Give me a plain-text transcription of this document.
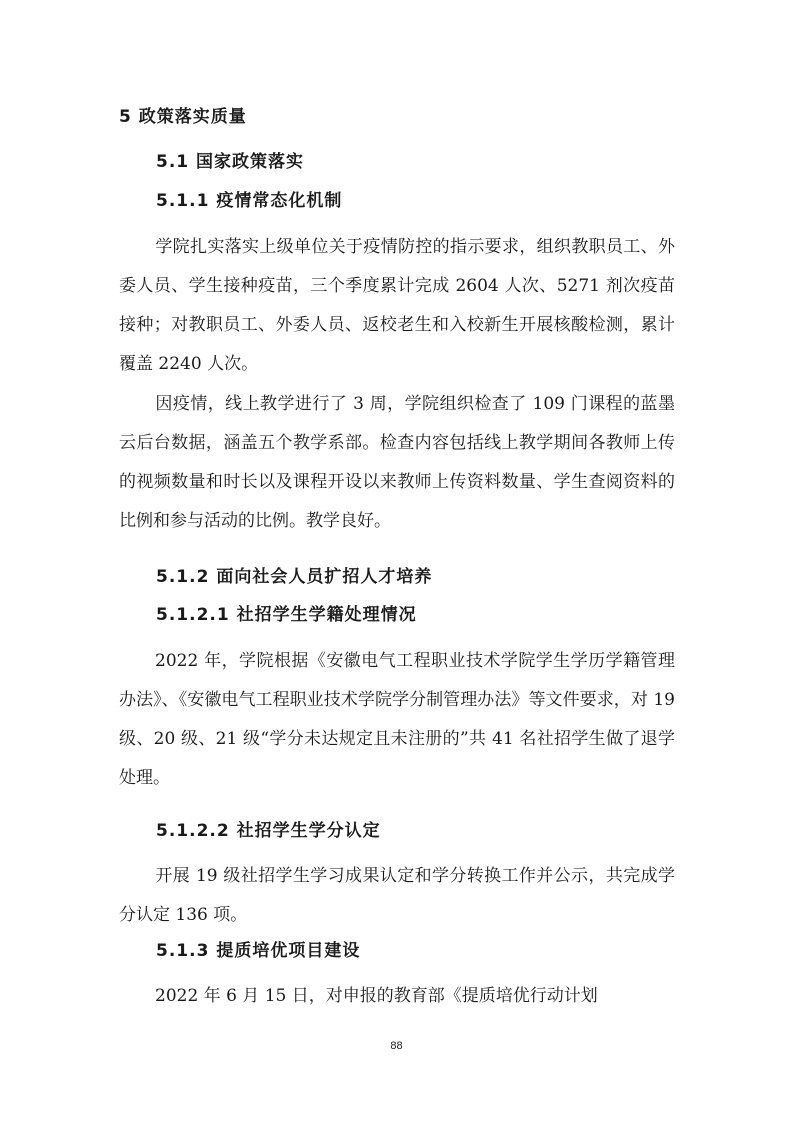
5 政策落实质量
5.1 国家政策落实
5.1.1 疫情常态化机制

学院扎实落实上级单位关于疫情防控的指示要求，组织教职员工、外委人员、学生接种疫苗，三个季度累计完成 2604 人次、5271 剂次疫苗接种；对教职员工、外委人员、返校老生和入校新生开展核酸检测，累计覆盖 2240 人次。

因疫情，线上教学进行了 3 周，学院组织检查了 109 门课程的蓝墨云后台数据，涵盖五个教学系部。检查内容包括线上教学期间各教师上传的视频数量和时长以及课程开设以来教师上传资料数量、学生查阅资料的比例和参与活动的比例。教学良好。

5.1.2 面向社会人员扩招人才培养
5.1.2.1 社招学生学籍处理情况

2022 年，学院根据《安徽电气工程职业技术学院学生学历学籍管理办法》、《安徽电气工程职业技术学院学分制管理办法》等文件要求，对 19 级、20 级、21 级“学分未达规定且未注册的”共 41 名社招学生做了退学处理。

5.1.2.2 社招学生学分认定

开展 19 级社招学生学习成果认定和学分转换工作并公示，共完成学分认定 136 项。

5.1.3 提质培优项目建设

2022 年 6 月 15 日，对申报的教育部《提质培优行动计划

88
